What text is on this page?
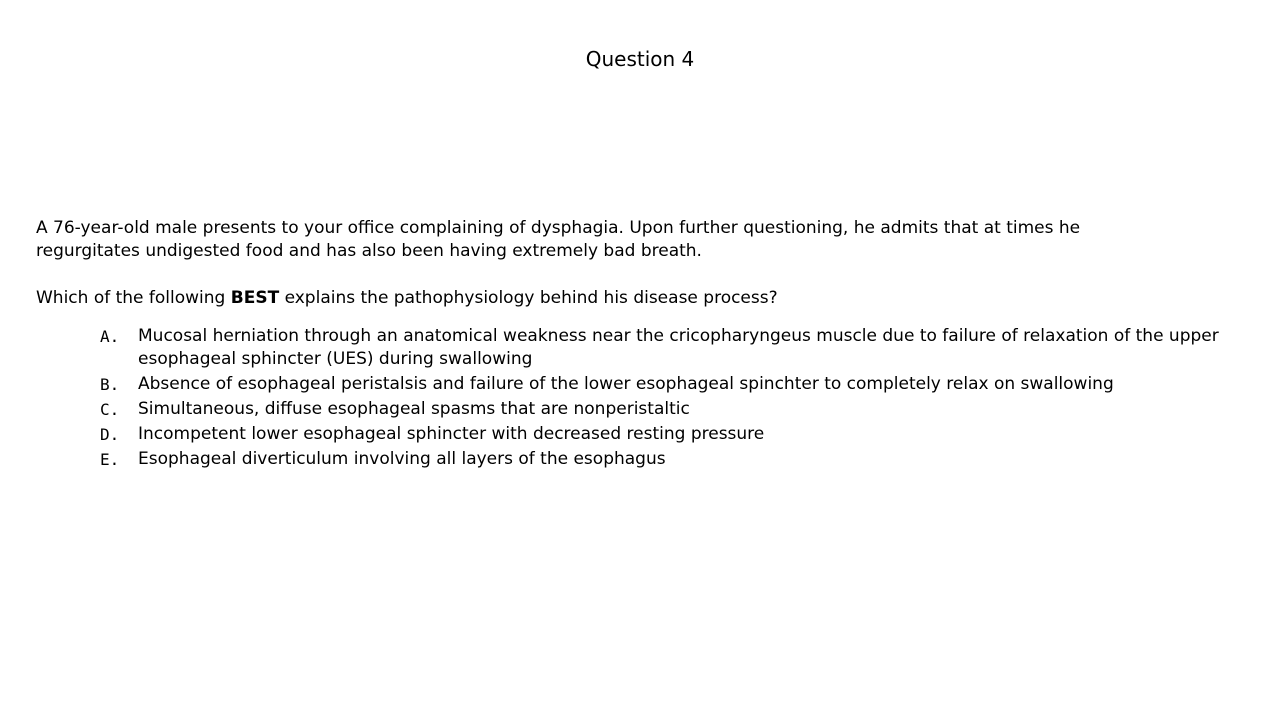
Question 4

A 76-year-old male presents to your office complaining of dysphagia. Upon further questioning, he admits that at times he
regurgitates undigested food and has also been having extremely bad breath.

Which of the following BEST explains the pathophysiology behind his disease process?

A.	Mucosal herniation through an anatomical weakness near the cricopharyngeus muscle due to failure of relaxation of the upper esophageal sphincter (UES) during swallowing
B.	Absence of esophageal peristalsis and failure of the lower esophageal spinchter to completely relax on swallowing
C.	Simultaneous, diffuse esophageal spasms that are nonperistaltic
D.	Incompetent lower esophageal sphincter with decreased resting pressure
E.	Esophageal diverticulum involving all layers of the esophagus
